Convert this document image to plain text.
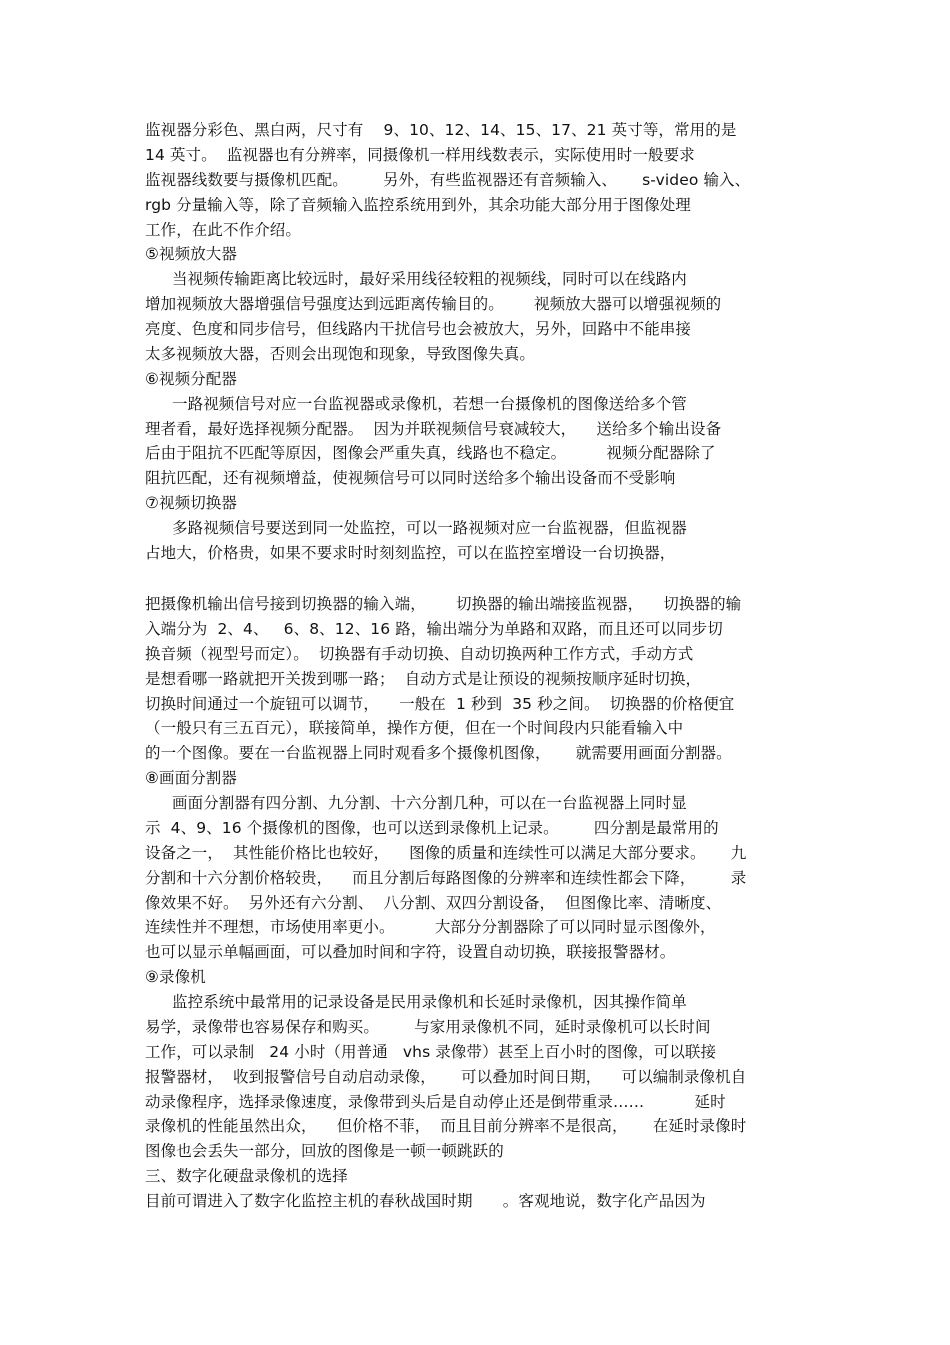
监视器分彩色、黑白两，尺寸有    9、10、12、14、15、17、21 英寸等，常用的是
14 英寸。  监视器也有分辨率，同摄像机一样用线数表示，实际使用时一般要求
监视器线数要与摄像机匹配。       另外，有些监视器还有音频输入、     s-video 输入、
rgb 分量输入等，除了音频输入监控系统用到外，其余功能大部分用于图像处理
工作，在此不作介绍。
⑤视频放大器
当视频传输距离比较远时，最好采用线径较粗的视频线，同时可以在线路内
增加视频放大器增强信号强度达到远距离传输目的。      视频放大器可以增强视频的
亮度、色度和同步信号，但线路内干扰信号也会被放大，另外，回路中不能串接
太多视频放大器，否则会出现饱和现象，导致图像失真。
⑥视频分配器
一路视频信号对应一台监视器或录像机，若想一台摄像机的图像送给多个管
理者看，最好选择视频分配器。  因为并联视频信号衰减较大，    送给多个输出设备
后由于阻抗不匹配等原因，图像会严重失真，线路也不稳定。        视频分配器除了
阻抗匹配，还有视频增益，使视频信号可以同时送给多个输出设备而不受影响
⑦视频切换器
多路视频信号要送到同一处监控，可以一路视频对应一台监视器，但监视器
占地大，价格贵，如果不要求时时刻刻监控，可以在监控室增设一台切换器，
把摄像机输出信号接到切换器的输入端，      切换器的输出端接监视器，    切换器的输
入端分为  2、4、   6、8、12、16 路，输出端分为单路和双路，而且还可以同步切
换音频（视型号而定）。  切换器有手动切换、自动切换两种工作方式，手动方式
是想看哪一路就把开关拨到哪一路；  自动方式是让预设的视频按顺序延时切换，
切换时间通过一个旋钮可以调节，    一般在  1 秒到  35 秒之间。  切换器的价格便宜
（一般只有三五百元），联接简单，操作方便，但在一个时间段内只能看输入中
的一个图像。要在一台监视器上同时观看多个摄像机图像，     就需要用画面分割器。
⑧画面分割器
画面分割器有四分割、九分割、十六分割几种，可以在一台监视器上同时显
示  4、9、16 个摄像机的图像，也可以送到录像机上记录。       四分割是最常用的
设备之一，  其性能价格比也较好，    图像的质量和连续性可以满足大部分要求。     九
分割和十六分割价格较贵，    而且分割后每路图像的分辨率和连续性都会下降，       录
像效果不好。  另外还有六分割、  八分割、双四分割设备，  但图像比率、清晰度、
连续性并不理想，市场使用率更小。        大部分分割器除了可以同时显示图像外，
也可以显示单幅画面，可以叠加时间和字符，设置自动切换，联接报警器材。
⑨录像机
监控系统中最常用的记录设备是民用录像机和长延时录像机，因其操作简单
易学，录像带也容易保存和购买。       与家用录像机不同，延时录像机可以长时间
工作，可以录制   24 小时（用普通   vhs 录像带）甚至上百小时的图像，可以联接
报警器材，  收到报警信号自动启动录像，     可以叠加时间日期，    可以编制录像机自
动录像程序，选择录像速度，录像带到头后是自动停止还是倒带重录……          延时
录像机的性能虽然出众，    但价格不菲，  而且目前分辨率不是很高，     在延时录像时
图像也会丢失一部分，回放的图像是一顿一顿跳跃的
三、数字化硬盘录像机的选择
目前可谓进入了数字化监控主机的春秋战国时期      。客观地说，数字化产品因为
